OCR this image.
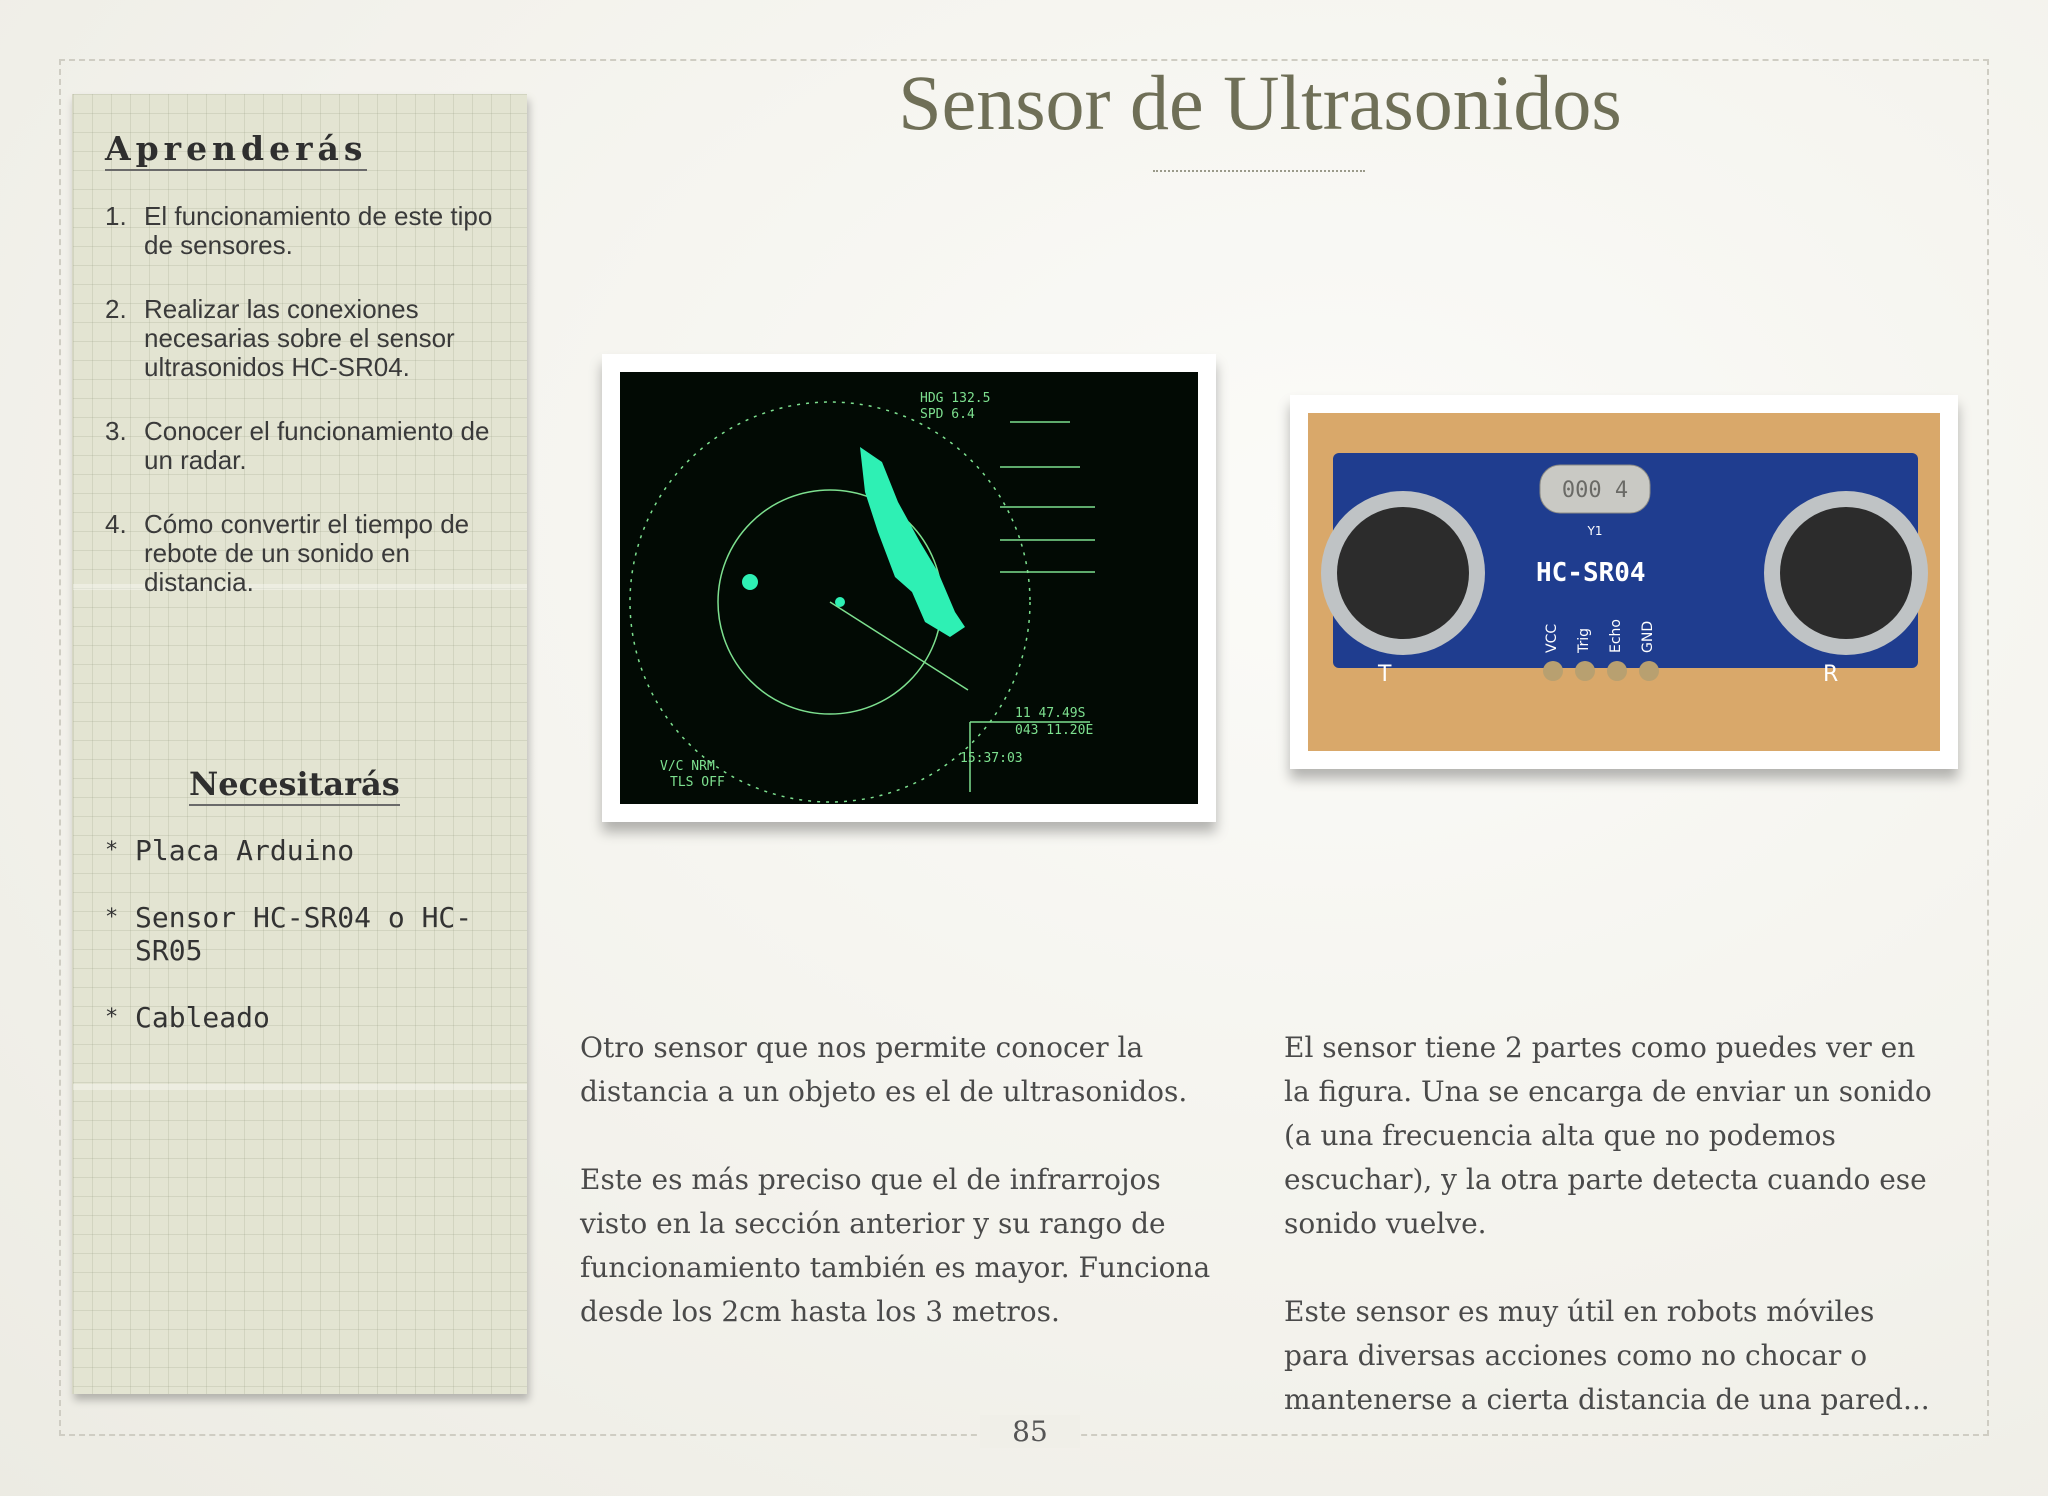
Aprenderás
1. El funcionamiento de este tipo de sensores.
2. Realizar las conexiones necesarias sobre el sensor ultrasonidos HC-SR04.
3. Conocer el funcionamiento de un radar.
4. Cómo convertir el tiempo de rebote de un sonido en distancia.
Necesitarás
* Placa Arduino
* Sensor HC-SR04 o HC-SR05
* Cableado
Sensor de Ultrasonidos
HDG 132.5
SPD 6.4
11 47.49S
043 11.20E
15:37:03
V/C NRM
TLS OFF
000 4
Y1
HC-SR04
VCC Trig Echo GND
T	R

Otro sensor que nos permite conocer la distancia a un objeto es el de ultrasonidos.

Este es más preciso que el de infrarrojos visto en la sección anterior y su rango de funcionamiento también es mayor. Funciona desde los 2cm hasta los 3 metros.

El sensor tiene 2 partes como puedes ver en la figura. Una se encarga de enviar un sonido (a una frecuencia alta que no podemos escuchar), y la otra parte detecta cuando ese sonido vuelve.

Este sensor es muy útil en robots móviles para diversas acciones como no chocar o mantenerse a cierta distancia de una pared...

85
